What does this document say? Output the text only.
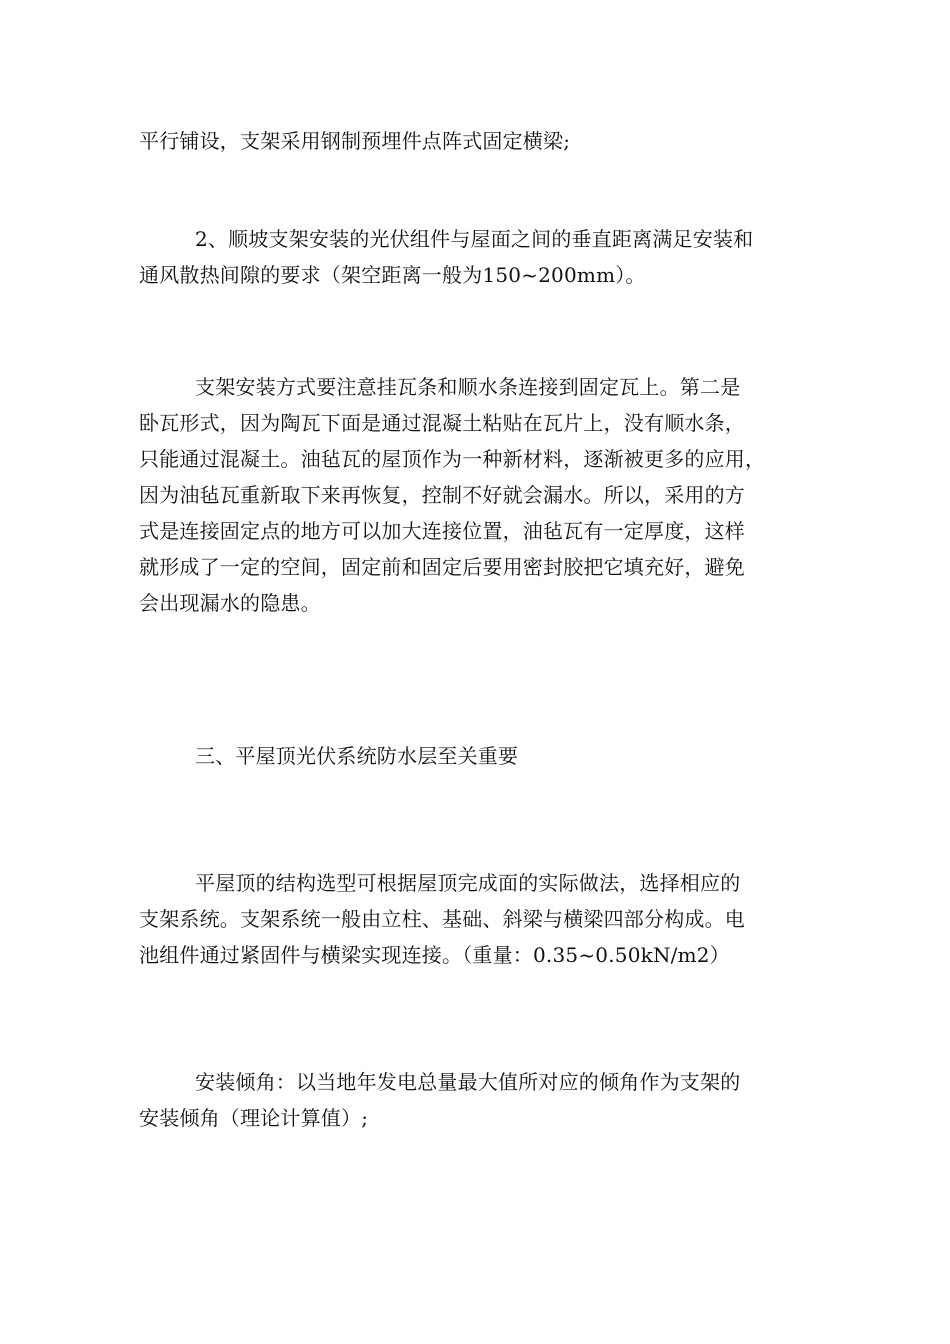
平行铺设，支架采用钢制预埋件点阵式固定横梁;
2、顺坡支架安装的光伏组件与屋面之间的垂直距离满足安装和
通风散热间隙的要求（架空距离一般为150~200mm）。
支架安装方式要注意挂瓦条和顺水条连接到固定瓦上。第二是
卧瓦形式，因为陶瓦下面是通过混凝土粘贴在瓦片上，没有顺水条，
只能通过混凝土。油毡瓦的屋顶作为一种新材料，逐渐被更多的应用，
因为油毡瓦重新取下来再恢复，控制不好就会漏水。所以，采用的方
式是连接固定点的地方可以加大连接位置，油毡瓦有一定厚度，这样
就形成了一定的空间，固定前和固定后要用密封胶把它填充好，避免
会出现漏水的隐患。
三、平屋顶光伏系统防水层至关重要
平屋顶的结构选型可根据屋顶完成面的实际做法，选择相应的
支架系统。支架系统一般由立柱、基础、斜梁与横梁四部分构成。电
池组件通过紧固件与横梁实现连接。（重量：0.35~0.50kN/m2）
安装倾角：以当地年发电总量最大值所对应的倾角作为支架的
安装倾角（理论计算值）;
